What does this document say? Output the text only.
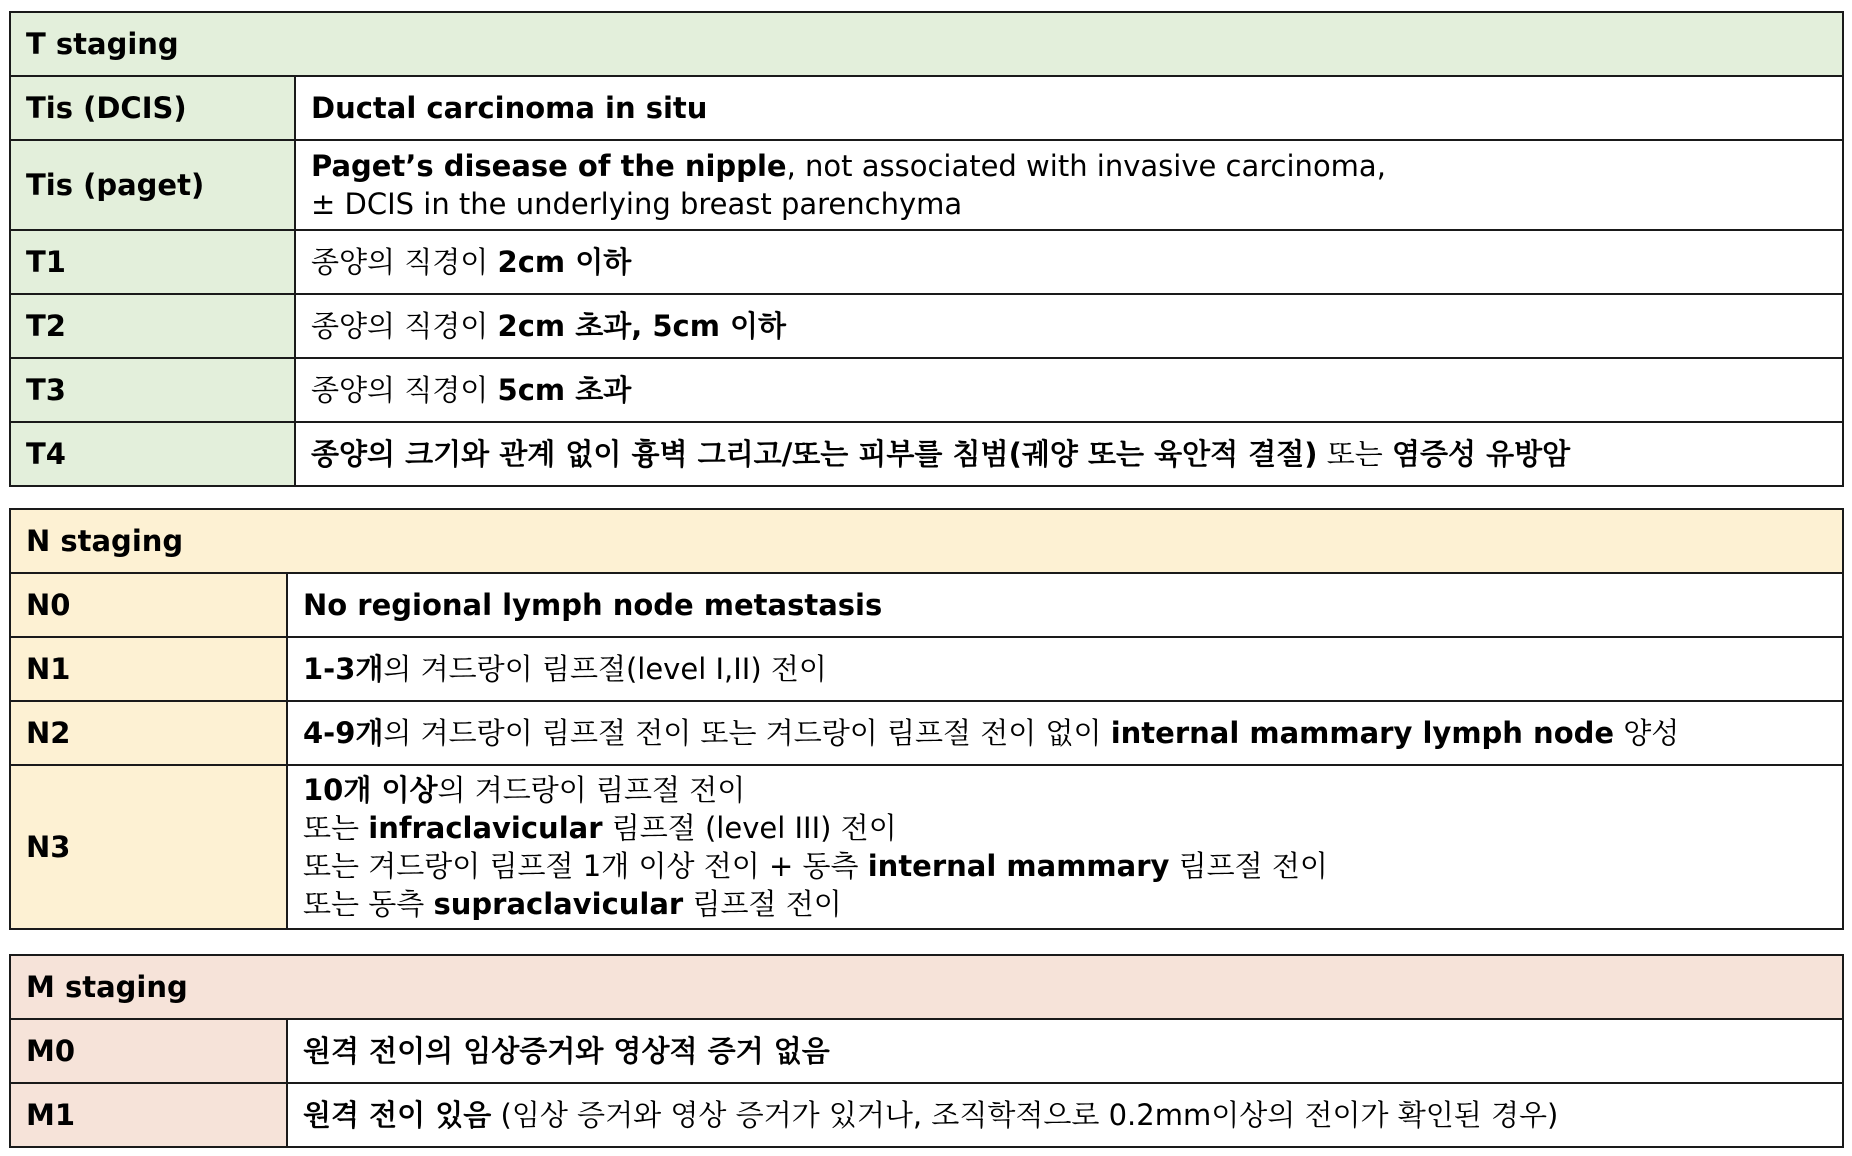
T staging	
Tis (DCIS)	Ductal carcinoma in situ
Tis (paget)	Paget’s disease of the nipple, not associated with invasive carcinoma,
± DCIS in the underlying breast parenchyma

T1	종양의 직경이 2cm 이하
T2	종양의 직경이 2cm 초과, 5cm 이하
T3	종양의 직경이 5cm 초과
T4	종양의 크기와 관계 없이 흉벽 그리고/또는 피부를 침범(궤양 또는 육안적 결절) 또는 염증성 유방암
N staging	
N0	No regional lymph node metastasis
N1	1-3개의 겨드랑이 림프절(level I,II) 전이
N2	4-9개의 겨드랑이 림프절 전이 또는 겨드랑이 림프절 전이 없이 internal mammary lymph node 양성
N3	10개 이상의 겨드랑이 림프절 전이
또는 infraclavicular 림프절 (level III) 전이
또는 겨드랑이 림프절 1개 이상 전이 + 동측 internal mammary 림프절 전이
또는 동측 supraclavicular 림프절 전이
M staging	
M0	원격 전이의 임상증거와 영상적 증거 없음
M1	원격 전이 있음 (임상 증거와 영상 증거가 있거나, 조직학적으로 0.2mm이상의 전이가 확인된 경우)
